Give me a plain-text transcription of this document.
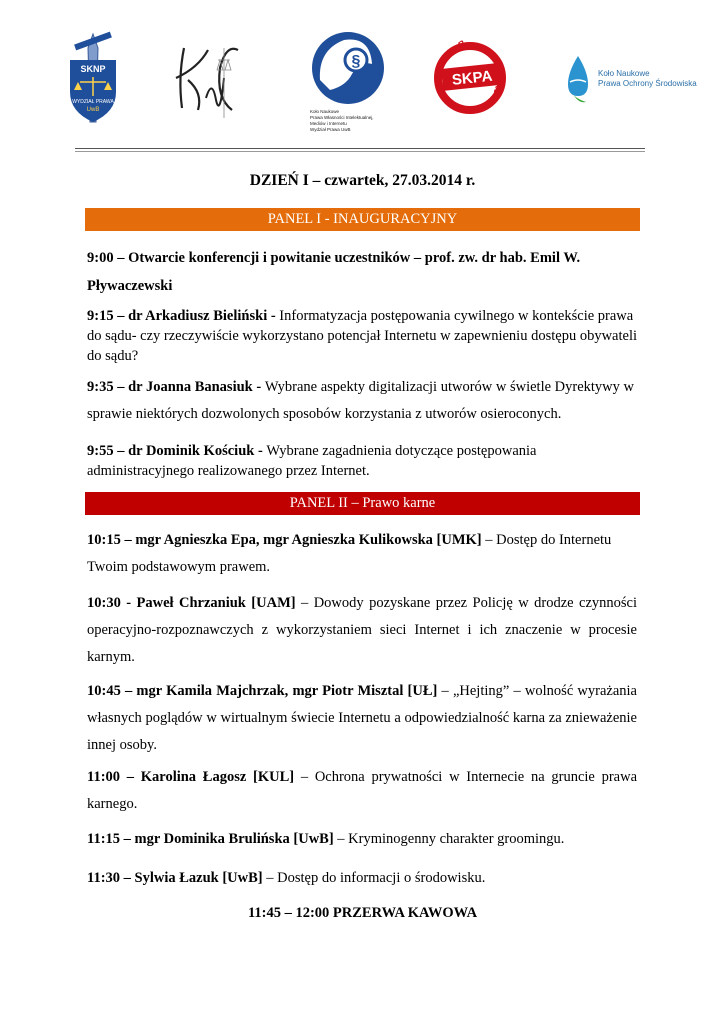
SKNP
WYDZIAŁ PRAWA
UwB
§
Koło Naukowe
Prawa Własności Intelektualnej,
Mediów i Internetu
Wydział Prawa UwB
SKPA
UwB
2006
Koło Naukowe
Prawa Ochrony Środowiska
DZIEŃ I – czwartek, 27.03.2014 r.
PANEL I - INAUGURACYJNY
9:00 – Otwarcie konferencji i powitanie uczestników – prof. zw. dr hab. Emil W. Pływaczewski
9:15 – dr Arkadiusz Bieliński - Informatyzacja postępowania cywilnego w kontekście prawa do sądu- czy rzeczywiście wykorzystano potencjał Internetu w zapewnieniu dostępu obywateli do sądu?
9:35 – dr Joanna Banasiuk - Wybrane aspekty digitalizacji utworów w świetle Dyrektywy w sprawie niektórych dozwolonych sposobów korzystania z utworów osieroconych.
9:55 – dr Dominik Kościuk - Wybrane zagadnienia dotyczące postępowania administracyjnego realizowanego przez Internet.
PANEL II – Prawo karne
10:15 – mgr Agnieszka Epa, mgr Agnieszka Kulikowska [UMK] – Dostęp do Internetu Twoim podstawowym prawem.
10:30 - Paweł Chrzaniuk [UAM] – Dowody pozyskane przez Policję w drodze czynności operacyjno-rozpoznawczych z wykorzystaniem sieci Internet i ich znaczenie w procesie karnym.
10:45 – mgr Kamila Majchrzak, mgr Piotr Misztal [UŁ] – „Hejting” – wolność wyrażania własnych poglądów w wirtualnym świecie Internetu a odpowiedzialność karna za znieważenie innej osoby.
11:00 – Karolina Łagosz [KUL] – Ochrona prywatności w Internecie na gruncie prawa karnego.
11:15 – mgr Dominika Brulińska [UwB] – Kryminogenny charakter groomingu.
11:30 – Sylwia Łazuk [UwB] – Dostęp do informacji o środowisku.
11:45 – 12:00 PRZERWA KAWOWA
